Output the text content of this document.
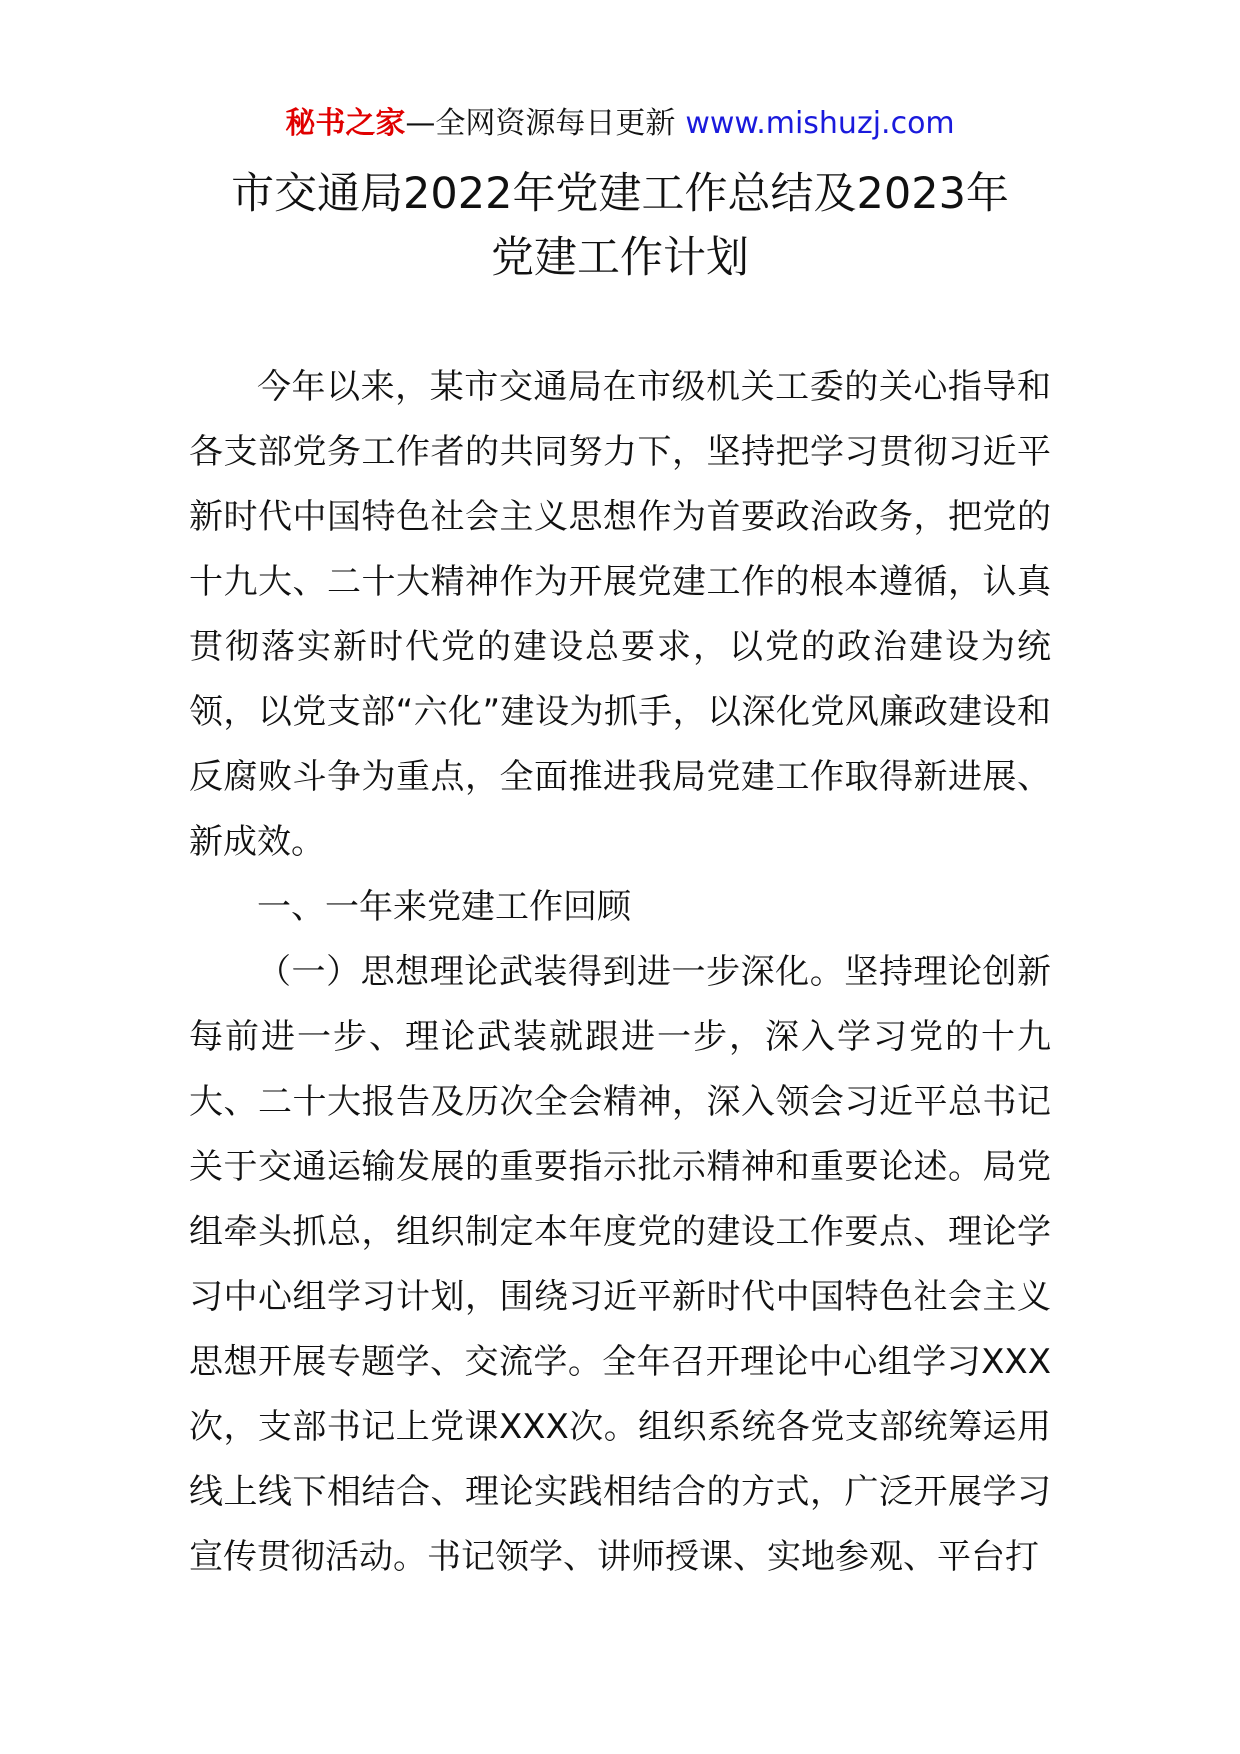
秘书之家—全网资源每日更新 www.mishuzj.com
市交通局2022年党建工作总结及2023年
党建工作计划

今年以来，某市交通局在市级机关工委的关心指导和各支部党务工作者的共同努力下，坚持把学习贯彻习近平新时代中国特色社会主义思想作为首要政治政务，把党的十九大、二十大精神作为开展党建工作的根本遵循，认真贯彻落实新时代党的建设总要求，以党的政治建设为统领，以党支部“六化”建设为抓手，以深化党风廉政建设和反腐败斗争为重点，全面推进我局党建工作取得新进展、新成效。

一、一年来党建工作回顾

（一）思想理论武装得到进一步深化。坚持理论创新每前进一步、理论武装就跟进一步，深入学习党的十九大、二十大报告及历次全会精神，深入领会习近平总书记关于交通运输发展的重要指示批示精神和重要论述。局党组牵头抓总，组织制定本年度党的建设工作要点、理论学习中心组学习计划，围绕习近平新时代中国特色社会主义思想开展专题学、交流学。全年召开理论中心组学习XXX次，支部书记上党课XXX次。组织系统各党支部统筹运用线上线下相结合、理论实践相结合的方式，广泛开展学习宣传贯彻活动。书记领学、讲师授课、实地参观、平台打
